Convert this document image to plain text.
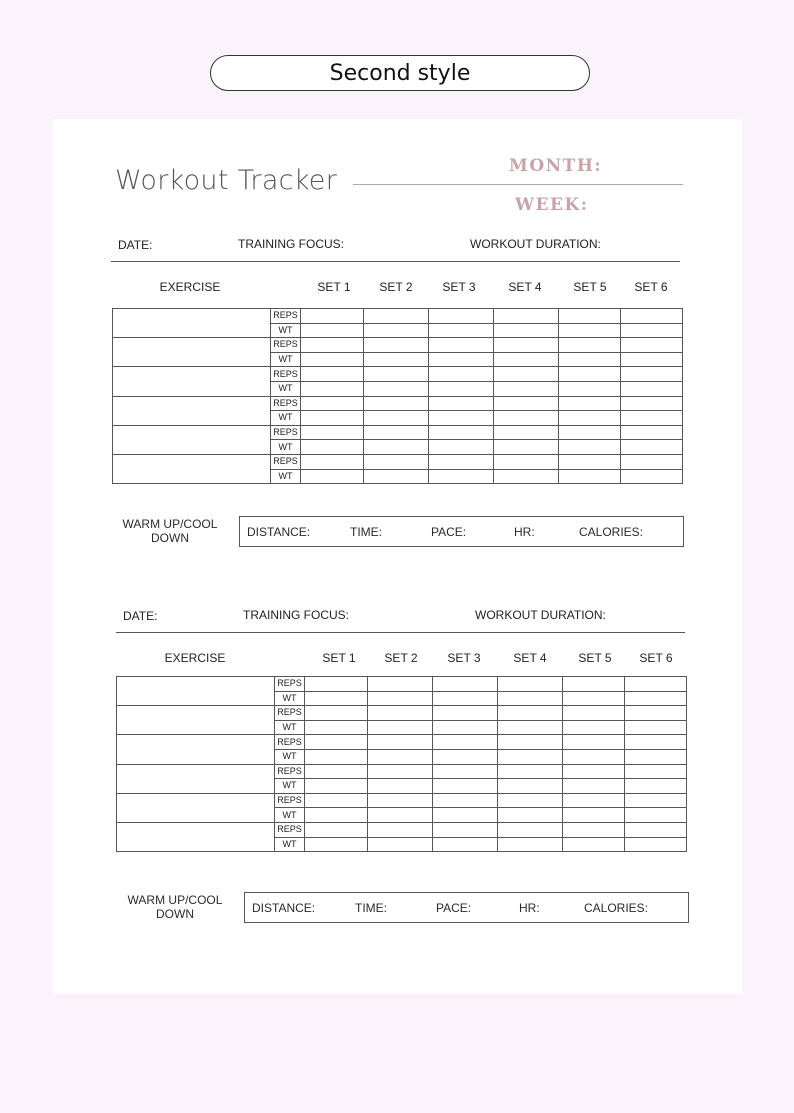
Second style
Workout Tracker	MONTH:
WEEK:
DATE:	TRAINING FOCUS:	WORKOUT DURATION:
EXERCISE	SET 1 SET 2 SET 3	SET 4	SET 5 SET 6
	REPS						
	WT						
	REPS						
	WT						
	REPS						
	WT						
	REPS						
	WT						
	REPS						
	WT						
	REPS						
	WT						
WARM UP/COOL DOWN	DISTANCE:	TIME:	PACE:	HR:	CALORIES:
DATE:	TRAINING FOCUS:	WORKOUT DURATION:
EXERCISE	SET 1 SET 2 SET 3	SET 4	SET 5 SET 6
	REPS						
	WT						
	REPS						
	WT						
	REPS						
	WT						
	REPS						
	WT						
	REPS						
	WT						
	REPS						
	WT						
WARM UP/COOL DOWN	DISTANCE:	TIME:	PACE:	HR:	CALORIES:
